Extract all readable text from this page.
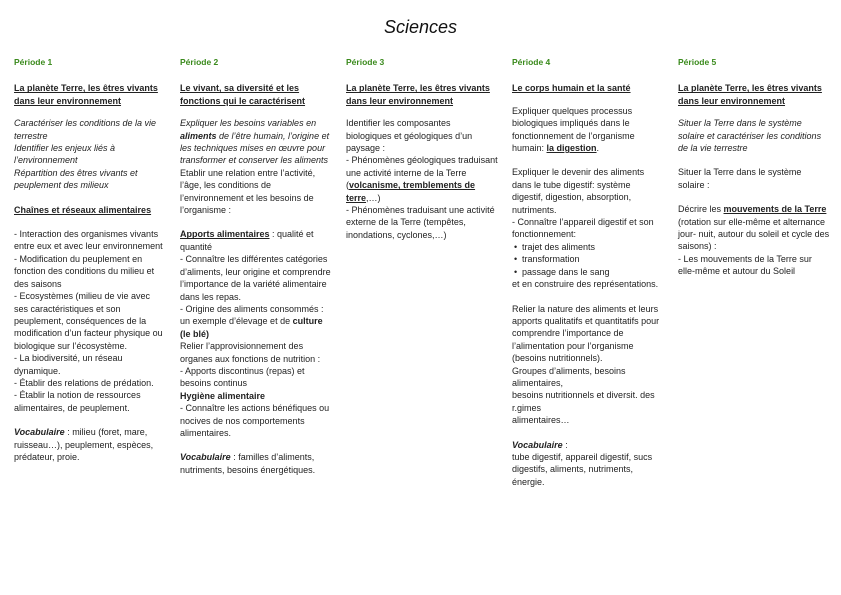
Sciences
Période 1
La planète Terre, les êtres vivants dans leur environnement

Caractériser les conditions de la vie terrestre

Identifier les enjeux liés à l’environnement

Répartition des êtres vivants et peuplement des milieux

Chaînes et réseaux alimentaires

- Interaction des organismes vivants entre eux et avec leur environnement

- Modification du peuplement en fonction des conditions du milieu et des saisons

- Ecosystèmes (milieu de vie avec ses caractéristiques et son peuplement, conséquences de la modification d’un facteur physique ou biologique sur l’écosystème.

- La biodiversité, un réseau dynamique.

- Établir des relations de prédation.

- Établir la notion de ressources alimentaires, de peuplement.

Vocabulaire : milieu (foret, mare, ruisseau…), peuplement, espèces, prédateur, proie.

Période 2
Le vivant, sa diversité et les fonctions qui le caractérisent

Expliquer les besoins variables en aliments de l’être humain, l’origine et les techniques mises en œuvre pour transformer et conserver les aliments

Etablir une relation entre l’activité, l’âge, les conditions de l’environnement et les besoins de l’organisme :

Apports alimentaires : qualité et quantité

- Connaître les différentes catégories d’aliments, leur origine et comprendre l’importance de la variété alimentaire dans les repas.

- Origine des aliments consommés : un exemple d’élevage et de culture (le blé)

Relier l’approvisionnement des organes aux fonctions de nutrition :

- Apports discontinus (repas) et besoins continus

Hygiène alimentaire

- Connaître les actions bénéfiques ou nocives de nos comportements alimentaires.

Vocabulaire : familles d’aliments, nutriments, besoins énergétiques.

Période 3
La planète Terre, les êtres vivants dans leur environnement

Identifier les composantes biologiques et géologiques d’un paysage :

- Phénomènes géologiques traduisant une activité interne de la Terre (volcanisme, tremblements de terre,…)

- Phénomènes traduisant une activité externe de la Terre (tempêtes, inondations, cyclones,…)

Période 4
Le corps humain et la santé

Expliquer quelques processus biologiques impliqués dans le fonctionnement de l’organisme humain: la digestion.

Expliquer le devenir des aliments dans le tube digestif: système digestif, digestion, absorption, nutriments.

- Connaître l’appareil digestif et son fonctionnement:

• trajet des aliments
• transformation
• passage dans le sang

et en construire des représentations.

Relier la nature des aliments et leurs apports qualitatifs et quantitatifs pour comprendre l’importance de l’alimentation pour l’organisme (besoins nutritionnels).

Groupes d’aliments, besoins alimentaires,

besoins nutritionnels et diversit. des r.gimes

alimentaires…

Vocabulaire :

tube digestif, appareil digestif, sucs digestifs, aliments, nutriments, énergie.

Période 5
La planète Terre, les êtres vivants dans leur environnement

Situer la Terre dans le système solaire et caractériser les conditions de la vie terrestre

Situer la Terre dans le système solaire :

Décrire les mouvements de la Terre (rotation sur elle-même et alternance jour- nuit, autour du soleil et cycle des saisons) :

- Les mouvements de la Terre sur elle-même et autour du Soleil
